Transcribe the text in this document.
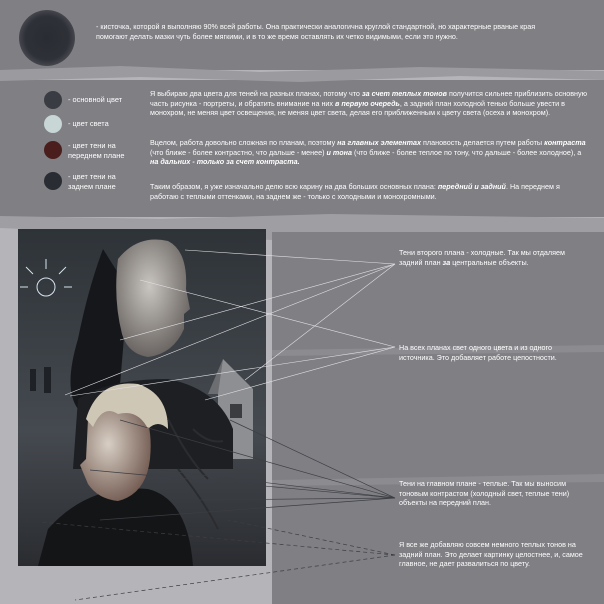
- кисточка, которой я выполняю 90% всей работы. Она практически аналогична круглой стандартной, но характерные рваные края помогают делать мазки чуть более мягкими, и в то же время оставлять их четко видимыми, если это нужно.
- основной цвет
- цвет света
- цвет тени на переднем плане
- цвет тени на заднем плане
Я выбираю два цвета для теней на разных планах, потому что за счет теплых тонов получится сильнее приблизить основную часть рисунка - портреты, и обратить внимание на них в первую очередь, а задний план холодной тенью больше увести в монохром, не меняя цвет освещения, не меняя цвет света, делая его приближенным к цвету света (осеха и монохром).
Вцелом, работа довольно сложная по планам, поэтому на главных элементах плановость делается путем работы контраста (что ближе - более контрастно, что дальше - менее) и тона (что ближе - более теплое по тону, что дальше - более холодное), а на дальних - только за счет контраста.
Таким образом, я уже изначально делю всю карину на два больших основных плана: передний и задний. На переднем я работаю с теплыми оттенками, на заднем же - только с холодными и монохромными.
Тени второго плана - холодные. Так мы отдаляем задний план за центральные объекты.
На всех планах свет одного цвета и из одного источника. Это добавляет работе цепостности.
Тени на главном плане - теплые. Так мы выносим тоновым контрастом (холодный свет, теплые тени) объекты на передний план.
Я все же добавляю совсем немного теплых тонов на задний план. Это делает картинку целостнее, и, самое главное, не дает развалиться по цвету.
